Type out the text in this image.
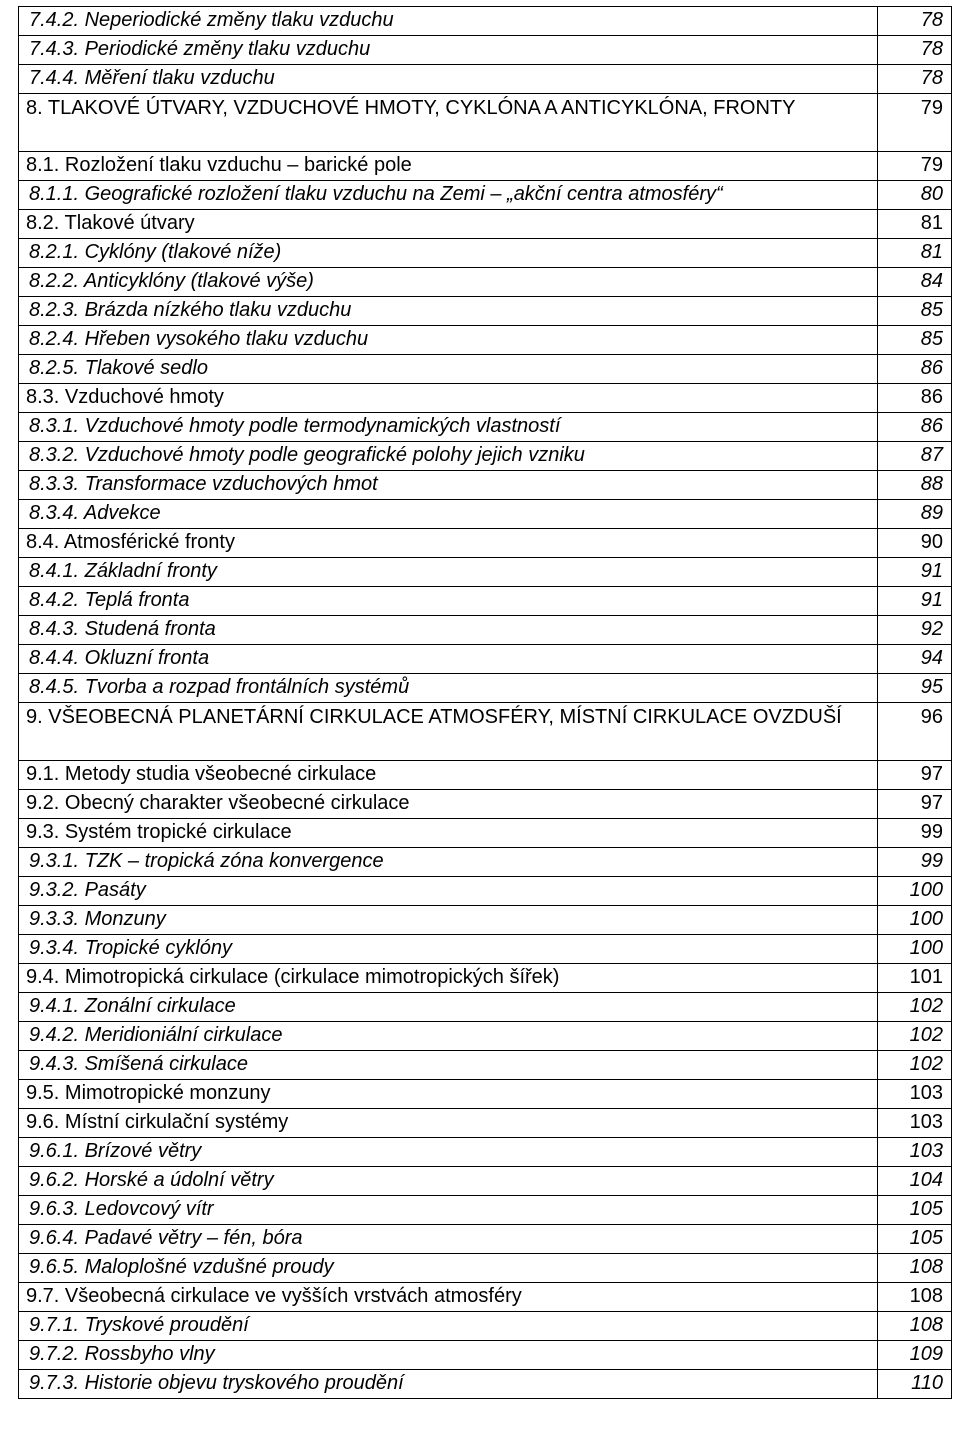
7.4.2. Neperiodické změny tlaku vzduchu	78

7.4.3. Periodické změny tlaku vzduchu	78

7.4.4. Měření tlaku vzduchu	78

8. TLAKOVÉ ÚTVARY, VZDUCHOVÉ HMOTY, CYKLÓNA A ANTICYKLÓNA, FRONTY	79

8.1. Rozložení tlaku vzduchu – barické pole	79

8.1.1. Geografické rozložení tlaku vzduchu na Zemi – „akční centra atmosféry“	80

8.2. Tlakové útvary	81

8.2.1. Cyklóny (tlakové níže)	81

8.2.2. Anticyklóny (tlakové výše)	84

8.2.3. Brázda nízkého tlaku vzduchu	85

8.2.4. Hřeben vysokého tlaku vzduchu	85

8.2.5. Tlakové sedlo	86

8.3. Vzduchové hmoty	86

8.3.1. Vzduchové hmoty podle termodynamických vlastností	86

8.3.2. Vzduchové hmoty podle geografické polohy jejich vzniku	87

8.3.3. Transformace vzduchových hmot	88

8.3.4. Advekce	89

8.4. Atmosférické fronty	90

8.4.1. Základní fronty	91

8.4.2. Teplá fronta	91

8.4.3. Studená fronta	92

8.4.4. Okluzní fronta	94

8.4.5. Tvorba a rozpad frontálních systémů	95

9. VŠEOBECNÁ PLANETÁRNÍ CIRKULACE ATMOSFÉRY, MÍSTNÍ CIRKULACE OVZDUŠÍ	96

9.1. Metody studia všeobecné cirkulace	97

9.2. Obecný charakter všeobecné cirkulace	97

9.3. Systém tropické cirkulace	99

9.3.1. TZK – tropická zóna konvergence	99

9.3.2. Pasáty	100

9.3.3. Monzuny	100

9.3.4. Tropické cyklóny	100

9.4. Mimotropická cirkulace (cirkulace mimotropických šířek)	101

9.4.1. Zonální cirkulace	102

9.4.2. Meridioniální cirkulace	102

9.4.3. Smíšená cirkulace	102

9.5. Mimotropické monzuny	103

9.6. Místní cirkulační systémy	103

9.6.1. Brízové větry	103

9.6.2. Horské a údolní větry	104

9.6.3. Ledovcový vítr	105

9.6.4. Padavé větry – fén, bóra	105

9.6.5. Maloplošné vzdušné proudy	108

9.7. Všeobecná cirkulace ve vyšších vrstvách atmosféry	108

9.7.1. Tryskové proudění	108

9.7.2. Rossbyho vlny	109

9.7.3. Historie objevu tryskového proudění	110
